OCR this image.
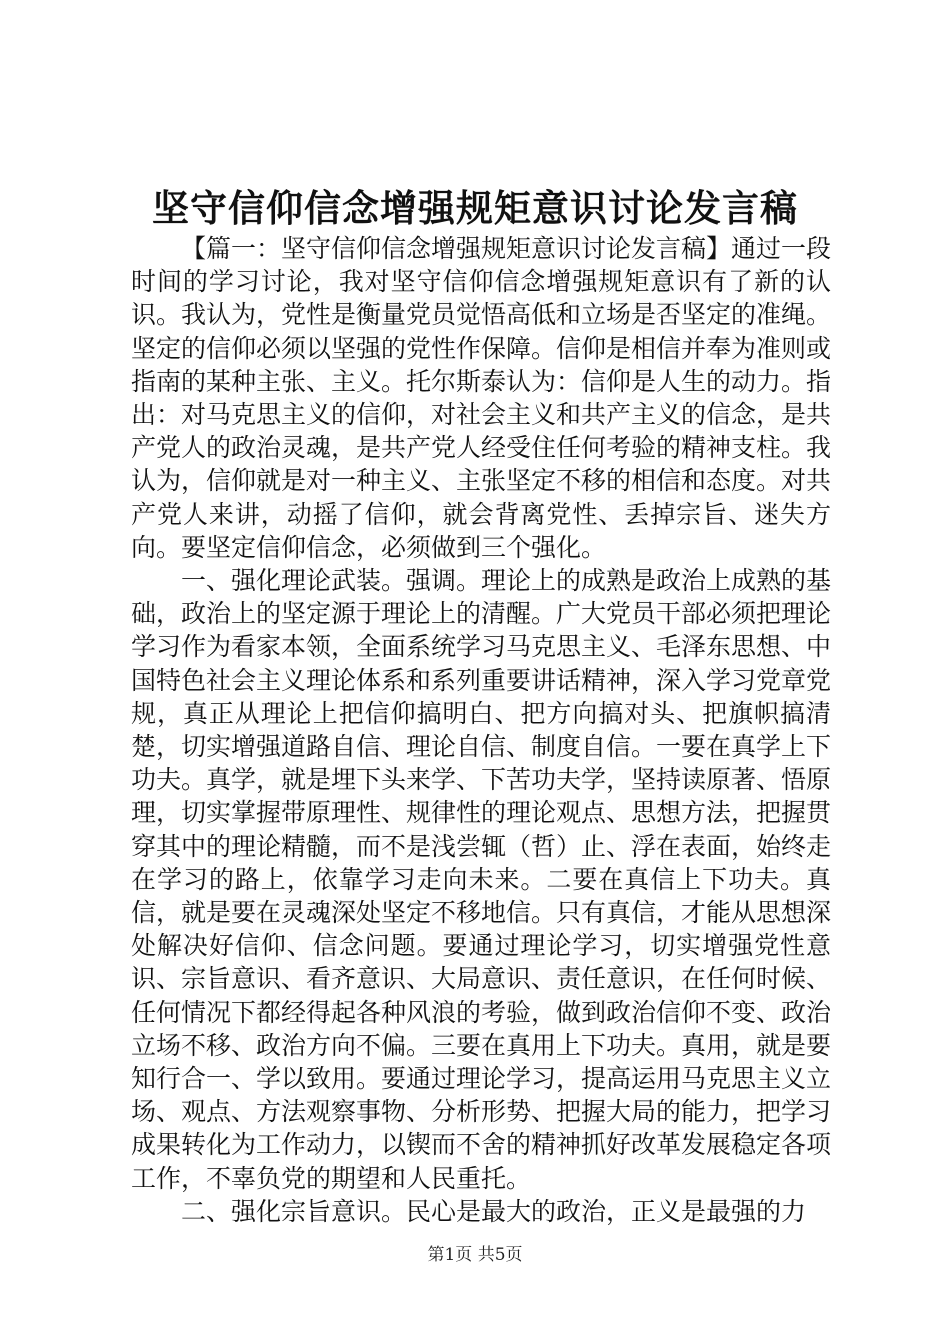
坚守信仰信念增强规矩意识讨论发言稿

【篇一：坚守信仰信念增强规矩意识讨论发言稿】通过一段时间的学习讨论，我对坚守信仰信念增强规矩意识有了新的认识。我认为，党性是衡量党员觉悟高低和立场是否坚定的准绳。坚定的信仰必须以坚强的党性作保障。信仰是相信并奉为准则或指南的某种主张、主义。托尔斯泰认为：信仰是人生的动力。指出：对马克思主义的信仰，对社会主义和共产主义的信念，是共产党人的政治灵魂，是共产党人经受住任何考验的精神支柱。我认为，信仰就是对一种主义、主张坚定不移的相信和态度。对共产党人来讲，动摇了信仰，就会背离党性、丢掉宗旨、迷失方向。要坚定信仰信念，必须做到三个强化。

一、强化理论武装。强调。理论上的成熟是政治上成熟的基础，政治上的坚定源于理论上的清醒。广大党员干部必须把理论学习作为看家本领，全面系统学习马克思主义、毛泽东思想、中国特色社会主义理论体系和系列重要讲话精神，深入学习党章党规，真正从理论上把信仰搞明白、把方向搞对头、把旗帜搞清楚，切实增强道路自信、理论自信、制度自信。一要在真学上下功夫。真学，就是埋下头来学、下苦功夫学，坚持读原著、悟原理，切实掌握带原理性、规律性的理论观点、思想方法，把握贯穿其中的理论精髓，而不是浅尝辄（哲）止、浮在表面，始终走在学习的路上，依靠学习走向未来。二要在真信上下功夫。真信，就是要在灵魂深处坚定不移地信。只有真信，才能从思想深处解决好信仰、信念问题。要通过理论学习，切实增强党性意识、宗旨意识、看齐意识、大局意识、责任意识，在任何时候、任何情况下都经得起各种风浪的考验，做到政治信仰不变、政治立场不移、政治方向不偏。三要在真用上下功夫。真用，就是要知行合一、学以致用。要通过理论学习，提高运用马克思主义立场、观点、方法观察事物、分析形势、把握大局的能力，把学习成果转化为工作动力，以锲而不舍的精神抓好改革发展稳定各项工作，不辜负党的期望和人民重托。

二、强化宗旨意识。民心是最大的政治，正义是最强的力

第1页 共5页
